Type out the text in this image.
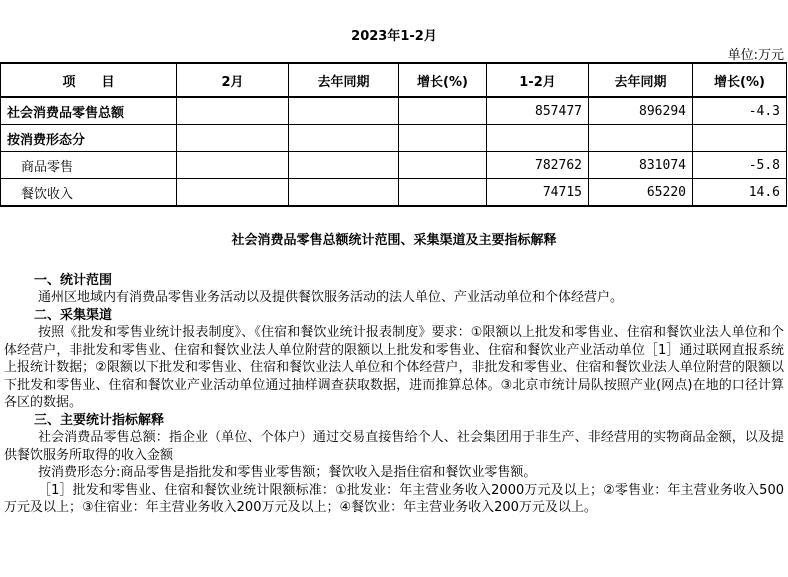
2023年1-2月
单位:万元
项　　目	2月	去年同期	增长(%)	1-2月	去年同期	增长(%)
社会消费品零售总额				857477	896294	-4.3
按消费形态分						
商品零售				782762	831074	-5.8
餐饮收入				74715	65220	14.6
社会消费品零售总额统计范围、采集渠道及主要指标解释
一、统计范围
通州区地域内有消费品零售业务活动以及提供餐饮服务活动的法人单位、产业活动单位和个体经营户。
二、采集渠道
按照《批发和零售业统计报表制度》、《住宿和餐饮业统计报表制度》要求：①限额以上批发和零售业、住宿和餐饮业法人单位和个体经营户，非批发和零售业、住宿和餐饮业法人单位附营的限额以上批发和零售业、住宿和餐饮业产业活动单位［1］通过联网直报系统上报统计数据；②限额以下批发和零售业、住宿和餐饮业法人单位和个体经营户，非批发和零售业、住宿和餐饮业法人单位附营的限额以下批发和零售业、住宿和餐饮业产业活动单位通过抽样调查获取数据，进而推算总体。③北京市统计局队按照产业(网点)在地的口径计算各区的数据。
三、主要统计指标解释
社会消费品零售总额：指企业（单位、个体户）通过交易直接售给个人、社会集团用于非生产、非经营用的实物商品金额，以及提供餐饮服务所取得的收入金额
按消费形态分:商品零售是指批发和零售业零售额；餐饮收入是指住宿和餐饮业零售额。
［1］批发和零售业、住宿和餐饮业统计限额标准：①批发业：年主营业务收入2000万元及以上；②零售业：年主营业务收入500万元及以上；③住宿业：年主营业务收入200万元及以上；④餐饮业：年主营业务收入200万元及以上。
